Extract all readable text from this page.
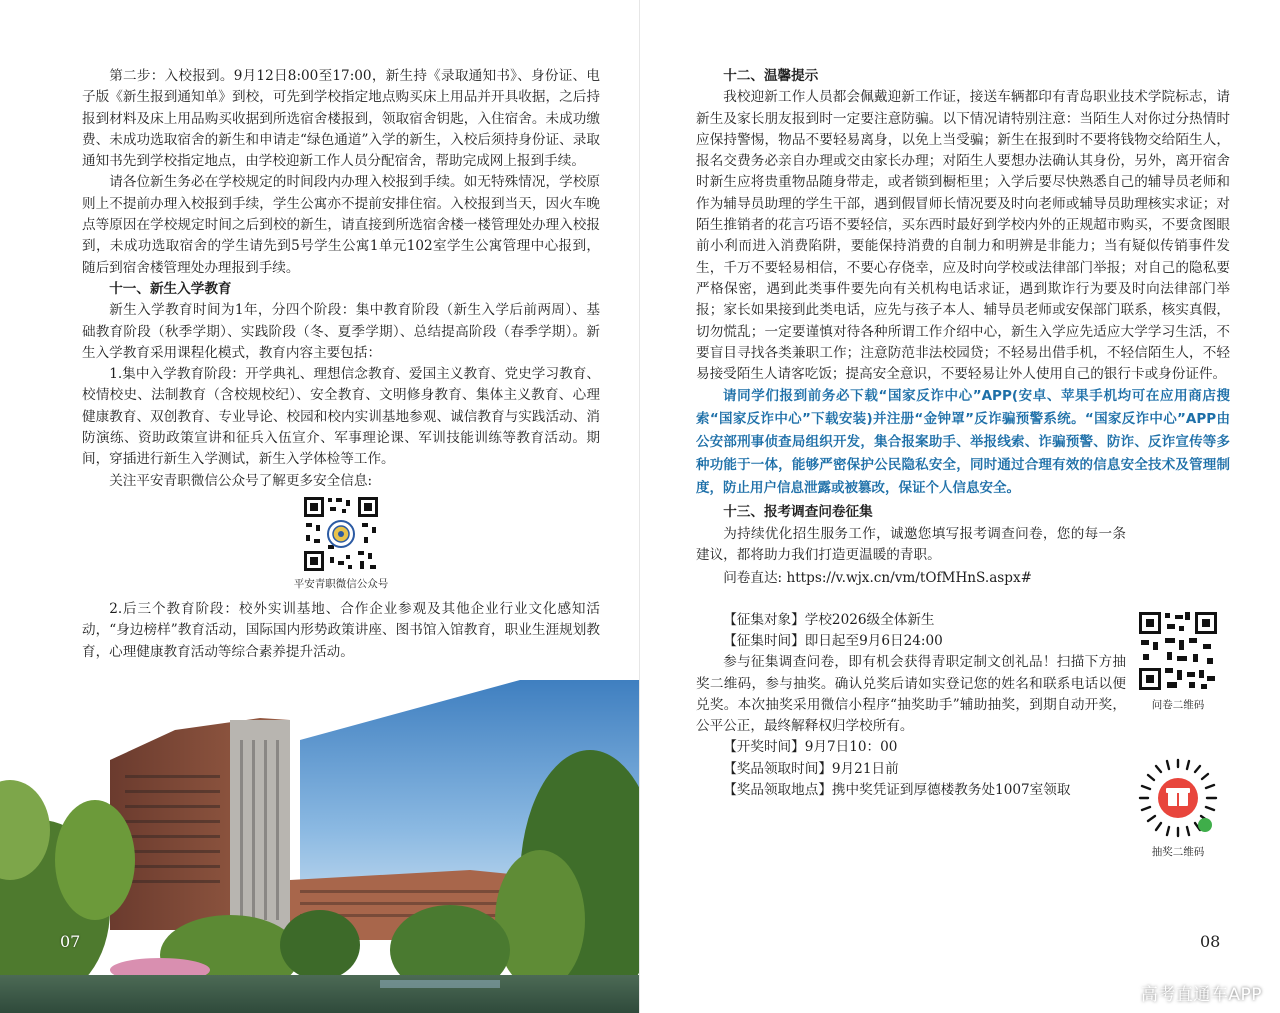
第二步：入校报到。9月12日8:00至17:00，新生持《录取通知书》、身份证、电子版《新生报到通知单》到校，可先到学校指定地点购买床上用品并开具收据，之后持报到材料及床上用品购买收据到所选宿舍楼报到，领取宿舍钥匙，入住宿舍。未成功缴费、未成功选取宿舍的新生和申请走“绿色通道”入学的新生，入校后须持身份证、录取通知书先到学校指定地点，由学校迎新工作人员分配宿舍，帮助完成网上报到手续。

请各位新生务必在学校规定的时间段内办理入校报到手续。如无特殊情况，学校原则上不提前办理入校报到手续，学生公寓亦不提前安排住宿。入校报到当天，因火车晚点等原因在学校规定时间之后到校的新生，请直接到所选宿舍楼一楼管理处办理入校报到，未成功选取宿舍的学生请先到5号学生公寓1单元102室学生公寓管理中心报到，随后到宿舍楼管理处办理报到手续。

十一、新生入学教育

新生入学教育时间为1年，分四个阶段：集中教育阶段（新生入学后前两周）、基础教育阶段（秋季学期）、实践阶段（冬、夏季学期）、总结提高阶段（春季学期）。新生入学教育采用课程化模式，教育内容主要包括：

1.集中入学教育阶段：开学典礼、理想信念教育、爱国主义教育、党史学习教育、校情校史、法制教育（含校规校纪）、安全教育、文明修身教育、集体主义教育、心理健康教育、双创教育、专业导论、校园和校内实训基地参观、诚信教育与实践活动、消防演练、资助政策宣讲和征兵入伍宣介、军事理论课、军训技能训练等教育活动。期间，穿插进行新生入学测试，新生入学体检等工作。

关注平安青职微信公众号了解更多安全信息:

平安青职微信公众号

2.后三个教育阶段：校外实训基地、合作企业参观及其他企业行业文化感知活动，“身边榜样”教育活动，国际国内形势政策讲座、图书馆入馆教育，职业生涯规划教育，心理健康教育活动等综合素养提升活动。

07

十二、温馨提示

我校迎新工作人员都会佩戴迎新工作证，接送车辆都印有青岛职业技术学院标志，请新生及家长朋友报到时一定要注意防骗。以下情况请特别注意：当陌生人对你过分热情时应保持警惕，物品不要轻易离身，以免上当受骗；新生在报到时不要将钱物交给陌生人，报名交费务必亲自办理或交由家长办理；对陌生人要想办法确认其身份，另外，离开宿舍时新生应将贵重物品随身带走，或者锁到橱柜里；入学后要尽快熟悉自己的辅导员老师和作为辅导员助理的学生干部，遇到假冒师长情况要及时向老师或辅导员助理核实求证；对陌生推销者的花言巧语不要轻信，买东西时最好到学校内外的正规超市购买，不要贪图眼前小利而进入消费陷阱，要能保持消费的自制力和明辨是非能力；当有疑似传销事件发生，千万不要轻易相信，不要心存侥幸，应及时向学校或法律部门举报；对自己的隐私要严格保密，遇到此类事件要先向有关机构电话求证，遇到欺诈行为要及时向法律部门举报；家长如果接到此类电话，应先与孩子本人、辅导员老师或安保部门联系，核实真假，切勿慌乱；一定要谨慎对待各种所谓工作介绍中心，新生入学应先适应大学学习生活，不要盲目寻找各类兼职工作；注意防范非法校园贷；不轻易出借手机，不轻信陌生人，不轻易接受陌生人请客吃饭；提高安全意识，不要轻易让外人使用自己的银行卡或身份证件。

请同学们报到前务必下载“国家反诈中心”APP(安卓、苹果手机均可在应用商店搜索“国家反诈中心”下载安装)并注册“金钟罩”反诈骗预警系统。“国家反诈中心”APP由公安部刑事侦查局组织开发，集合报案助手、举报线索、诈骗预警、防诈、反诈宣传等多种功能于一体，能够严密保护公民隐私安全，同时通过合理有效的信息安全技术及管理制度，防止用户信息泄露或被篡改，保证个人信息安全。

十三、报考调查问卷征集

为持续优化招生服务工作，诚邀您填写报考调查问卷，您的每一条建议，都将助力我们打造更温暖的青职。

问卷直达: https://v.wjx.cn/vm/tOfMHnS.aspx#

【征集对象】学校2026级全体新生

【征集时间】即日起至9月6日24:00

参与征集调查问卷，即有机会获得青职定制文创礼品！扫描下方抽奖二维码，参与抽奖。确认兑奖后请如实登记您的姓名和联系电话以便兑奖。本次抽奖采用微信小程序“抽奖助手”辅助抽奖，到期自动开奖，公平公正，最终解释权归学校所有。

【开奖时间】9月7日10：00

【奖品领取时间】9月21日前

【奖品领取地点】携中奖凭证到厚德楼教务处1007室领取

问卷二维码
抽奖二维码
08
高考直通车APP
